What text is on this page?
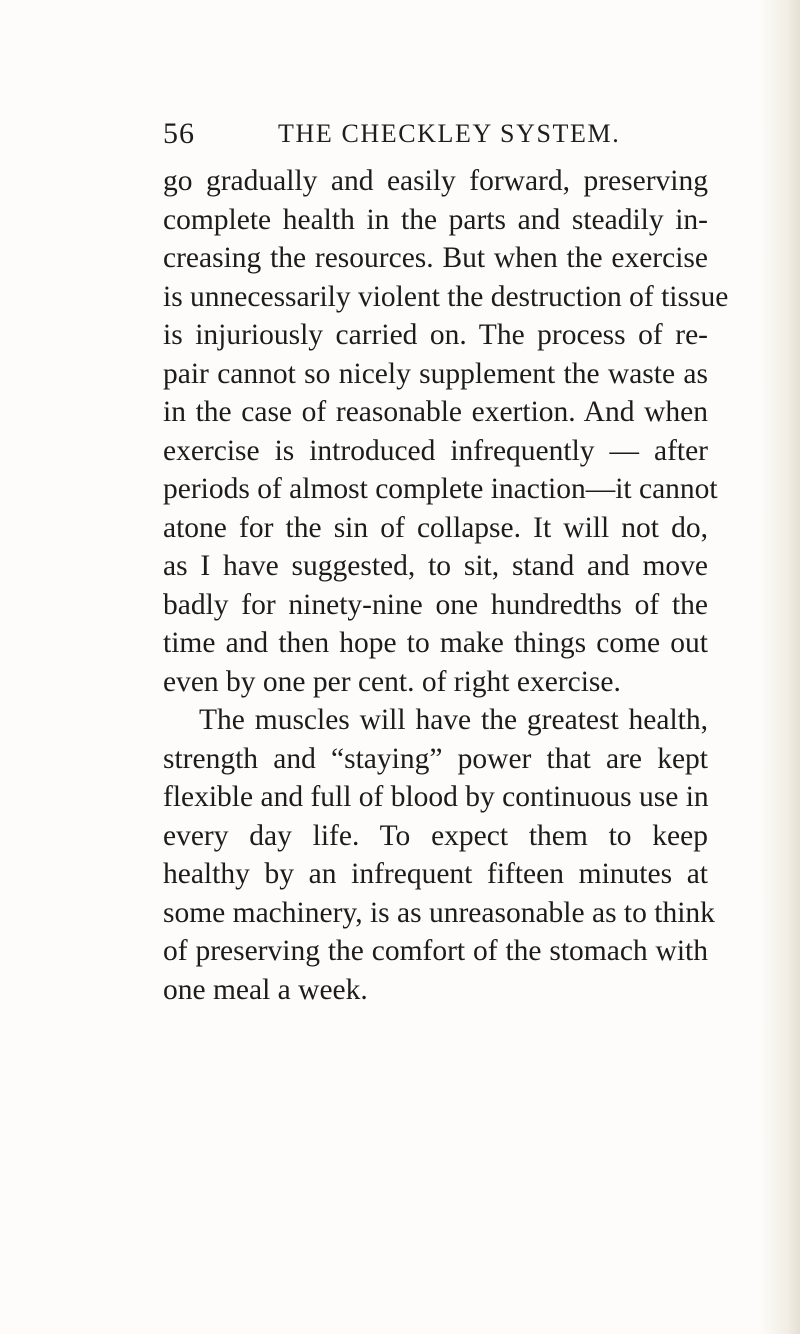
56	THE CHECKLEY SYSTEM.
go gradually and easily forward, preserving
complete health in the parts and steadily in-
creasing the resources. But when the exercise
is unnecessarily violent the destruction of tissue
is injuriously carried on. The process of re-
pair cannot so nicely supplement the waste as
in the case of reasonable exertion. And when
exercise is introduced infrequently — after
periods of almost complete inaction—it cannot
atone for the sin of collapse. It will not do,
as I have suggested, to sit, stand and move
badly for ninety-nine one hundredths of the
time and then hope to make things come out
even by one per cent. of right exercise.
The muscles will have the greatest health,
strength and “staying” power that are kept
flexible and full of blood by continuous use in
every day life. To expect them to keep
healthy by an infrequent fifteen minutes at
some machinery, is as unreasonable as to think
of preserving the comfort of the stomach with
one meal a week.
